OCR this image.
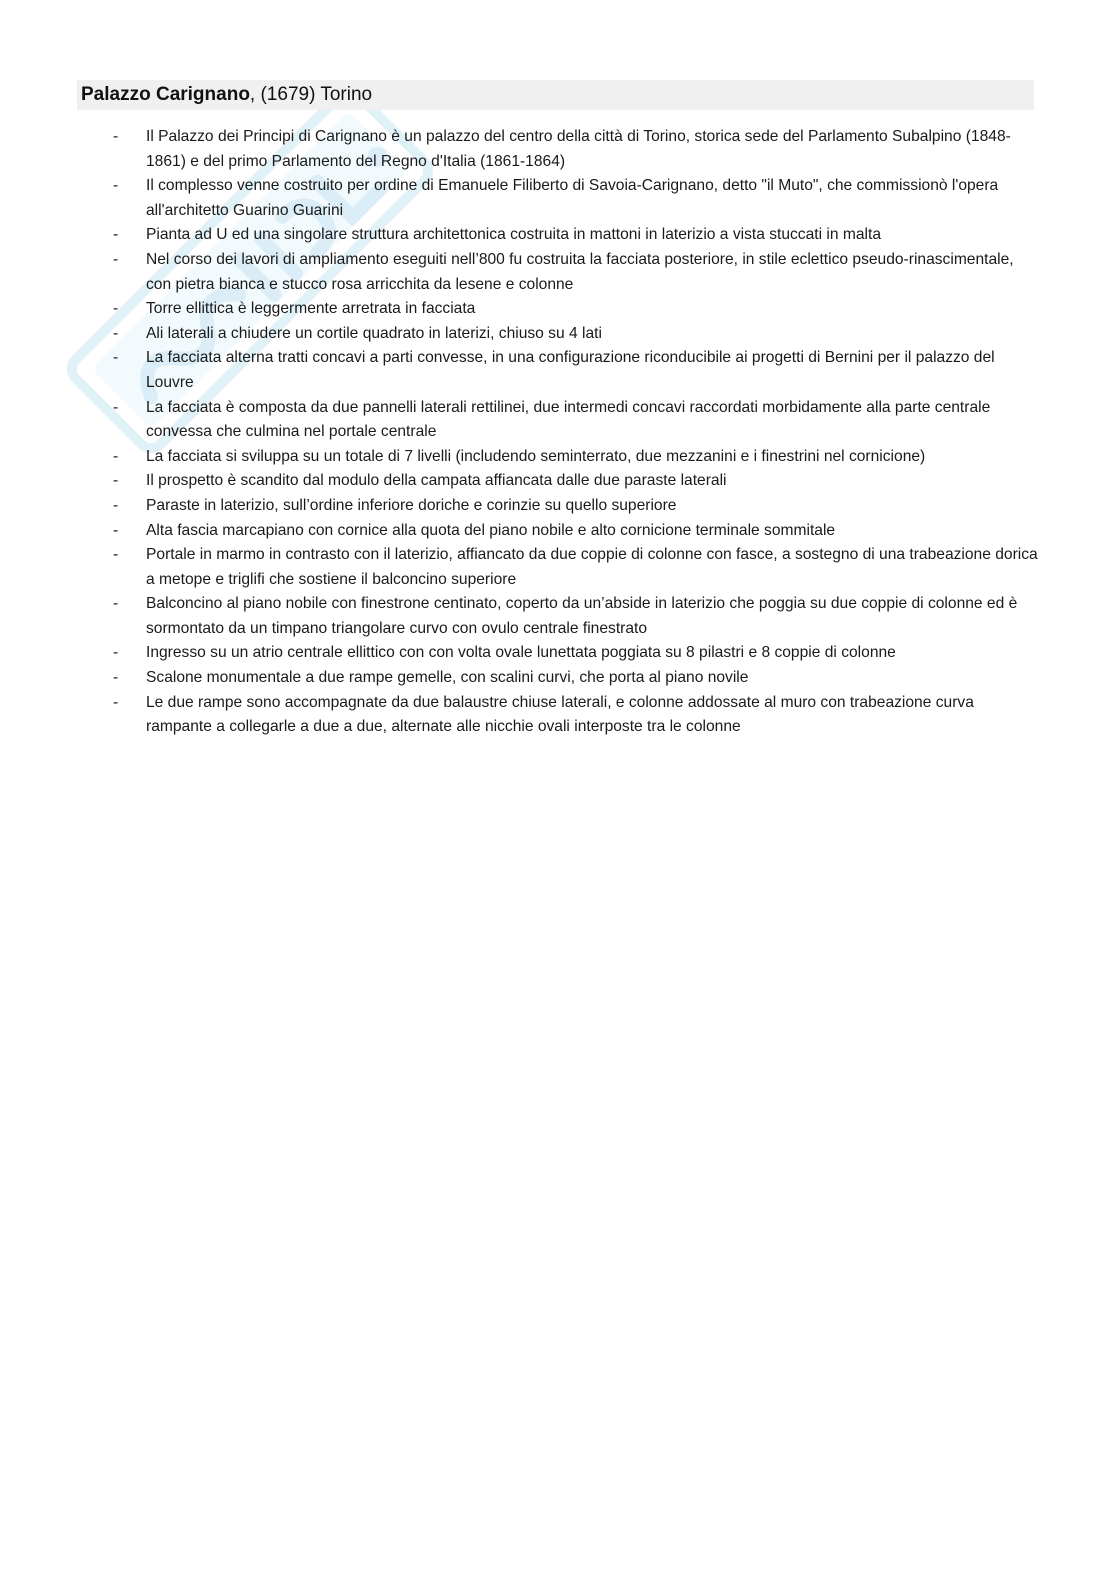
Palazzo Carignano, (1679) Torino
- Il Palazzo dei Principi di Carignano è un palazzo del centro della città di Torino, storica sede del Parlamento Subalpino (1848-1861) e del primo Parlamento del Regno d'Italia (1861-1864)
- Il complesso venne costruito per ordine di Emanuele Filiberto di Savoia-Carignano, detto "il Muto", che commissionò l'opera all'architetto Guarino Guarini
- Pianta ad U ed una singolare struttura architettonica costruita in mattoni in laterizio a vista stuccati in malta
- Nel corso dei lavori di ampliamento eseguiti nell’800 fu costruita la facciata posteriore, in stile eclettico pseudo-rinascimentale, con pietra bianca e stucco rosa arricchita da lesene e colonne
- Torre ellittica è leggermente arretrata in facciata
- Ali laterali a chiudere un cortile quadrato in laterizi, chiuso su 4 lati
- La facciata alterna tratti concavi a parti convesse, in una configurazione riconducibile ai progetti di Bernini per il palazzo del Louvre
- La facciata è composta da due pannelli laterali rettilinei, due intermedi concavi raccordati morbidamente alla parte centrale convessa che culmina nel portale centrale
- La facciata si sviluppa su un totale di 7 livelli (includendo seminterrato, due mezzanini e i finestrini nel cornicione)
- Il prospetto è scandito dal modulo della campata affiancata dalle due paraste laterali
- Paraste in laterizio, sull’ordine inferiore doriche e corinzie su quello superiore
- Alta fascia marcapiano con cornice alla quota del piano nobile e alto cornicione terminale sommitale
- Portale in marmo in contrasto con il laterizio, affiancato da due coppie di colonne con fasce, a sostegno di una trabeazione dorica a metope e triglifi che sostiene il balconcino superiore
- Balconcino al piano nobile con finestrone centinato, coperto da un’abside in laterizio che poggia su due coppie di colonne ed è sormontato da un timpano triangolare curvo con ovulo centrale finestrato
- Ingresso su un atrio centrale ellittico con con volta ovale lunettata poggiata su 8 pilastri e 8 coppie di colonne
- Scalone monumentale a due rampe gemelle, con scalini curvi, che porta al piano novile
- Le due rampe sono accompagnate da due balaustre chiuse laterali, e colonne addossate al muro con trabeazione curva rampante a collegarle a due a due, alternate alle nicchie ovali interposte tra le colonne
